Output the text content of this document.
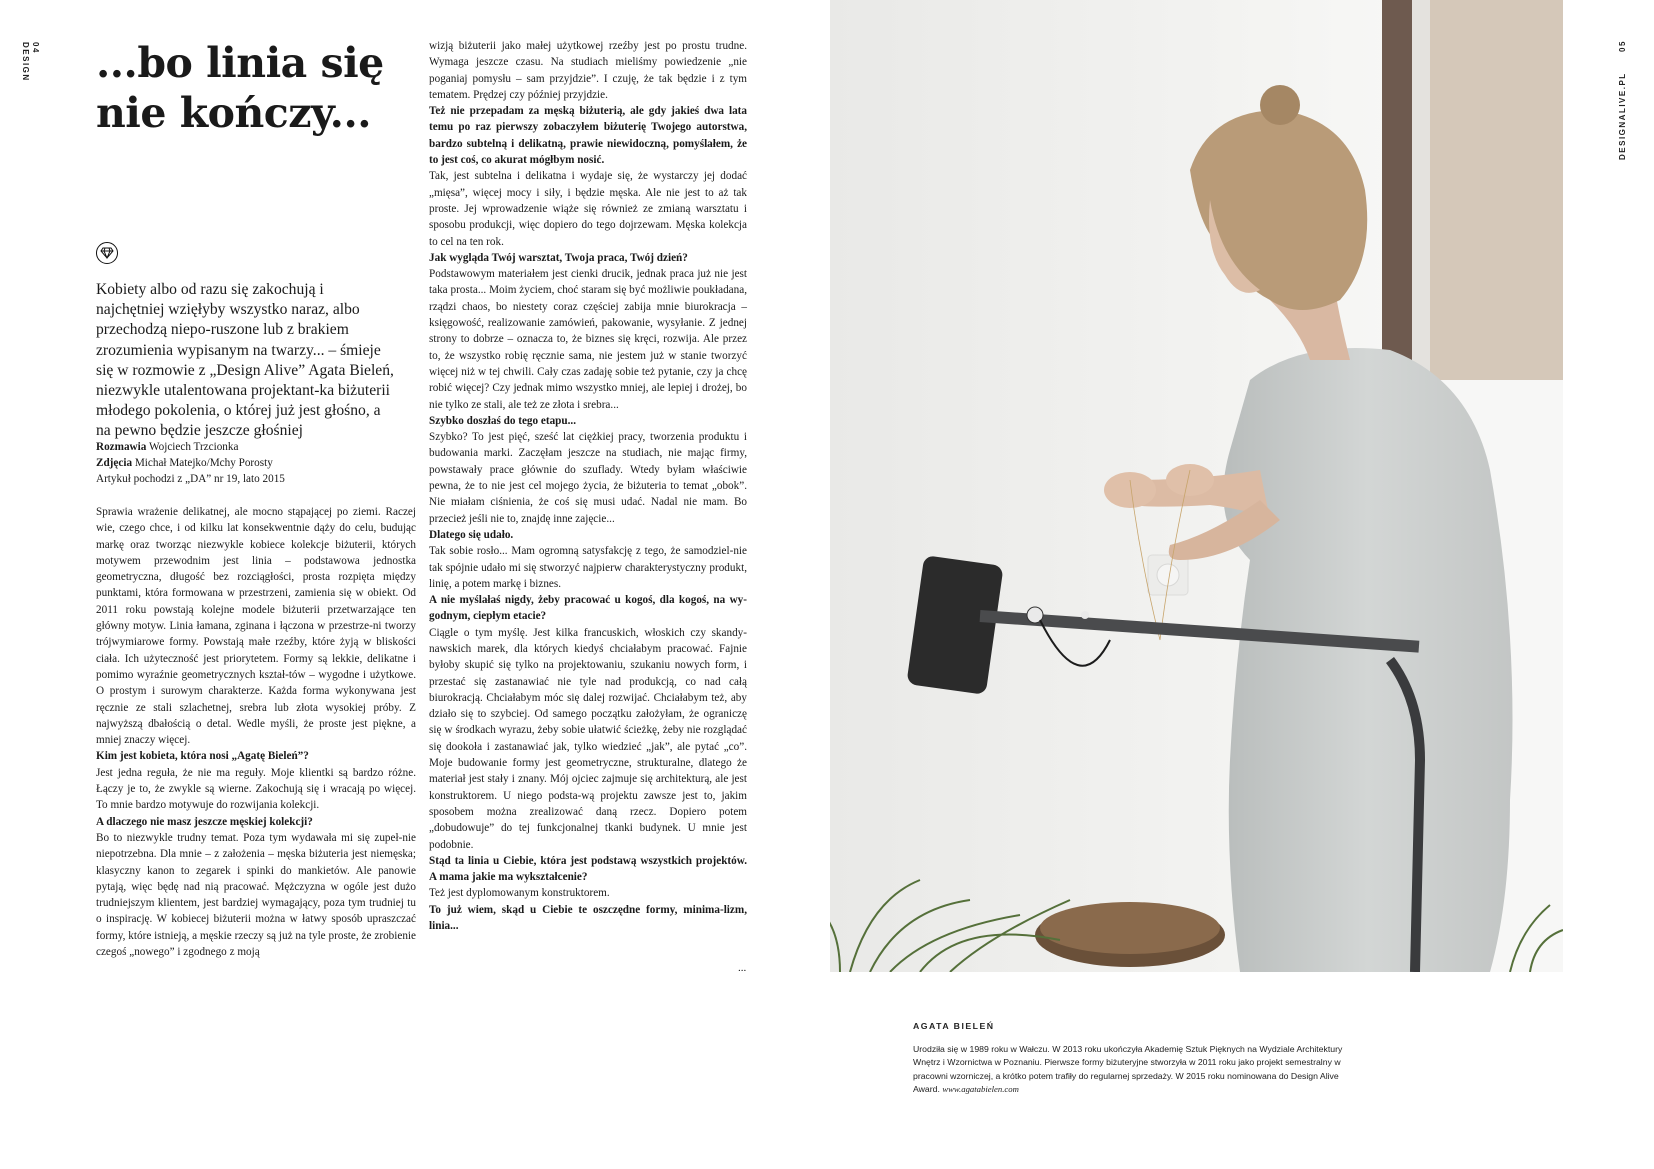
DESIGN 04	05
DESIGNALIVE.PL
...bo linia się
nie kończy...

Kobiety albo od razu się zakochują i najchętniej wzięłyby wszystko naraz, albo przechodzą niepo-ruszone lub z brakiem zrozumienia wypisanym na twarzy... – śmieje się w rozmowie z „Design Alive” Agata Bieleń, niezwykle utalentowana projektant-ka biżuterii młodego pokolenia, o której już jest głośno, a na pewno będzie jeszcze głośniej

Rozmawia Wojciech Trzcionka
Zdjęcia Michał Matejko/Mchy Porosty
Artykuł pochodzi z „DA” nr 19, lato 2015

Sprawia wrażenie delikatnej, ale mocno stąpającej po ziemi. Raczej wie, czego chce, i od kilku lat konsekwentnie dąży do celu, budując markę oraz tworząc niezwykle kobiece kolekcje biżuterii, których motywem przewodnim jest linia – podstawowa jednostka geometryczna, długość bez rozciągłości, prosta rozpięta między punktami, która formowana w przestrzeni, zamienia się w obiekt. Od 2011 roku powstają kolejne modele biżuterii przetwarzające ten główny motyw. Linia łamana, zginana i łączona w przestrze-ni tworzy trójwymiarowe formy. Powstają małe rzeźby, które żyją w bliskości ciała. Ich użyteczność jest priorytetem. Formy są lekkie, delikatne i pomimo wyraźnie geometrycznych kształ-tów – wygodne i użytkowe. O prostym i surowym charakterze. Każda forma wykonywana jest ręcznie ze stali szlachetnej, srebra lub złota wysokiej próby. Z najwyższą dbałością o detal. Wedle myśli, że proste jest piękne, a mniej znaczy więcej.

Kim jest kobieta, która nosi „Agatę Bieleń”?

Jest jedna reguła, że nie ma reguły. Moje klientki są bardzo różne. Łączy je to, że zwykle są wierne. Zakochują się i wracają po więcej. To mnie bardzo motywuje do rozwijania kolekcji.

A dlaczego nie masz jeszcze męskiej kolekcji?

Bo to niezwykle trudny temat. Poza tym wydawała mi się zupeł-nie niepotrzebna. Dla mnie – z założenia – męska biżuteria jest niemęska; klasyczny kanon to zegarek i spinki do mankietów. Ale panowie pytają, więc będę nad nią pracować. Mężczyzna w ogóle jest dużo trudniejszym klientem, jest bardziej wymagający, poza tym trudniej tu o inspirację. W kobiecej biżuterii można w łatwy sposób upraszczać formy, które istnieją, a męskie rzeczy są już na tyle proste, że zrobienie czegoś „nowego” i zgodnego z moją

wizją biżuterii jako małej użytkowej rzeźby jest po prostu trudne. Wymaga jeszcze czasu. Na studiach mieliśmy powiedzenie „nie poganiaj pomysłu – sam przyjdzie”. I czuję, że tak będzie i z tym tematem. Prędzej czy później przyjdzie.

Też nie przepadam za męską biżuterią, ale gdy jakieś dwa lata temu po raz pierwszy zobaczyłem biżuterię Twojego autorstwa, bardzo subtelną i delikatną, prawie niewidoczną, pomyślałem, że to jest coś, co akurat mógłbym nosić.

Tak, jest subtelna i delikatna i wydaje się, że wystarczy jej dodać „mięsa”, więcej mocy i siły, i będzie męska. Ale nie jest to aż tak proste. Jej wprowadzenie wiąże się również ze zmianą warsztatu i sposobu produkcji, więc dopiero do tego dojrzewam. Męska kolekcja to cel na ten rok.

Jak wygląda Twój warsztat, Twoja praca, Twój dzień?

Podstawowym materiałem jest cienki drucik, jednak praca już nie jest taka prosta... Moim życiem, choć staram się być możliwie poukładana, rządzi chaos, bo niestety coraz częściej zabija mnie biurokracja – księgowość, realizowanie zamówień, pakowanie, wysyłanie. Z jednej strony to dobrze – oznacza to, że biznes się kręci, rozwija. Ale przez to, że wszystko robię ręcznie sama, nie jestem już w stanie tworzyć więcej niż w tej chwili. Cały czas zadaję sobie też pytanie, czy ja chcę robić więcej? Czy jednak mimo wszystko mniej, ale lepiej i drożej, bo nie tylko ze stali, ale też ze złota i srebra...

Szybko doszłaś do tego etapu...

Szybko? To jest pięć, sześć lat ciężkiej pracy, tworzenia produktu i budowania marki. Zaczęłam jeszcze na studiach, nie mając firmy, powstawały prace głównie do szuflady. Wtedy byłam właściwie pewna, że to nie jest cel mojego życia, że biżuteria to temat „obok”. Nie miałam ciśnienia, że coś się musi udać. Nadal nie mam. Bo przecież jeśli nie to, znajdę inne zajęcie...

Dlatego się udało.

Tak sobie rosło... Mam ogromną satysfakcję z tego, że samodziel-nie tak spójnie udało mi się stworzyć najpierw charakterystyczny produkt, linię, a potem markę i biznes.

A nie myślałaś nigdy, żeby pracować u kogoś, dla kogoś, na wy-godnym, ciepłym etacie?

Ciągle o tym myślę. Jest kilka francuskich, włoskich czy skandy-nawskich marek, dla których kiedyś chciałabym pracować. Fajnie byłoby skupić się tylko na projektowaniu, szukaniu nowych form, i przestać się zastanawiać nie tyle nad produkcją, co nad całą biurokracją. Chciałabym móc się dalej rozwijać. Chciałabym też, aby działo się to szybciej. Od samego początku założyłam, że ograniczę się w środkach wyrazu, żeby sobie ułatwić ścieżkę, żeby nie rozglądać się dookoła i zastanawiać jak, tylko wiedzieć „jak”, ale pytać „co”. Moje budowanie formy jest geometryczne, strukturalne, dlatego że materiał jest stały i znany. Mój ojciec zajmuje się architekturą, ale jest konstruktorem. U niego podsta-wą projektu zawsze jest to, jakim sposobem można zrealizować daną rzecz. Dopiero potem „dobudowuje” do tej funkcjonalnej tkanki budynek. U mnie jest podobnie.

Stąd ta linia u Ciebie, która jest podstawą wszystkich projektów. A mama jakie ma wykształcenie?

Też jest dyplomowanym konstruktorem.

To już wiem, skąd u Ciebie te oszczędne formy, minima-lizm, linia...

...
AGATA BIELEŃ
Urodziła się w 1989 roku w Wałczu. W 2013 roku ukończyła Akademię Sztuk Pięknych na Wydziale Architektury Wnętrz i Wzornictwa w Poznaniu. Pierwsze formy biżuteryjne stworzyła w 2011 roku jako projekt semestralny w pracowni wzorniczej, a krótko potem trafiły do regularnej sprzedaży. W 2015 roku nominowana do Design Alive Award. www.agatabielen.com
